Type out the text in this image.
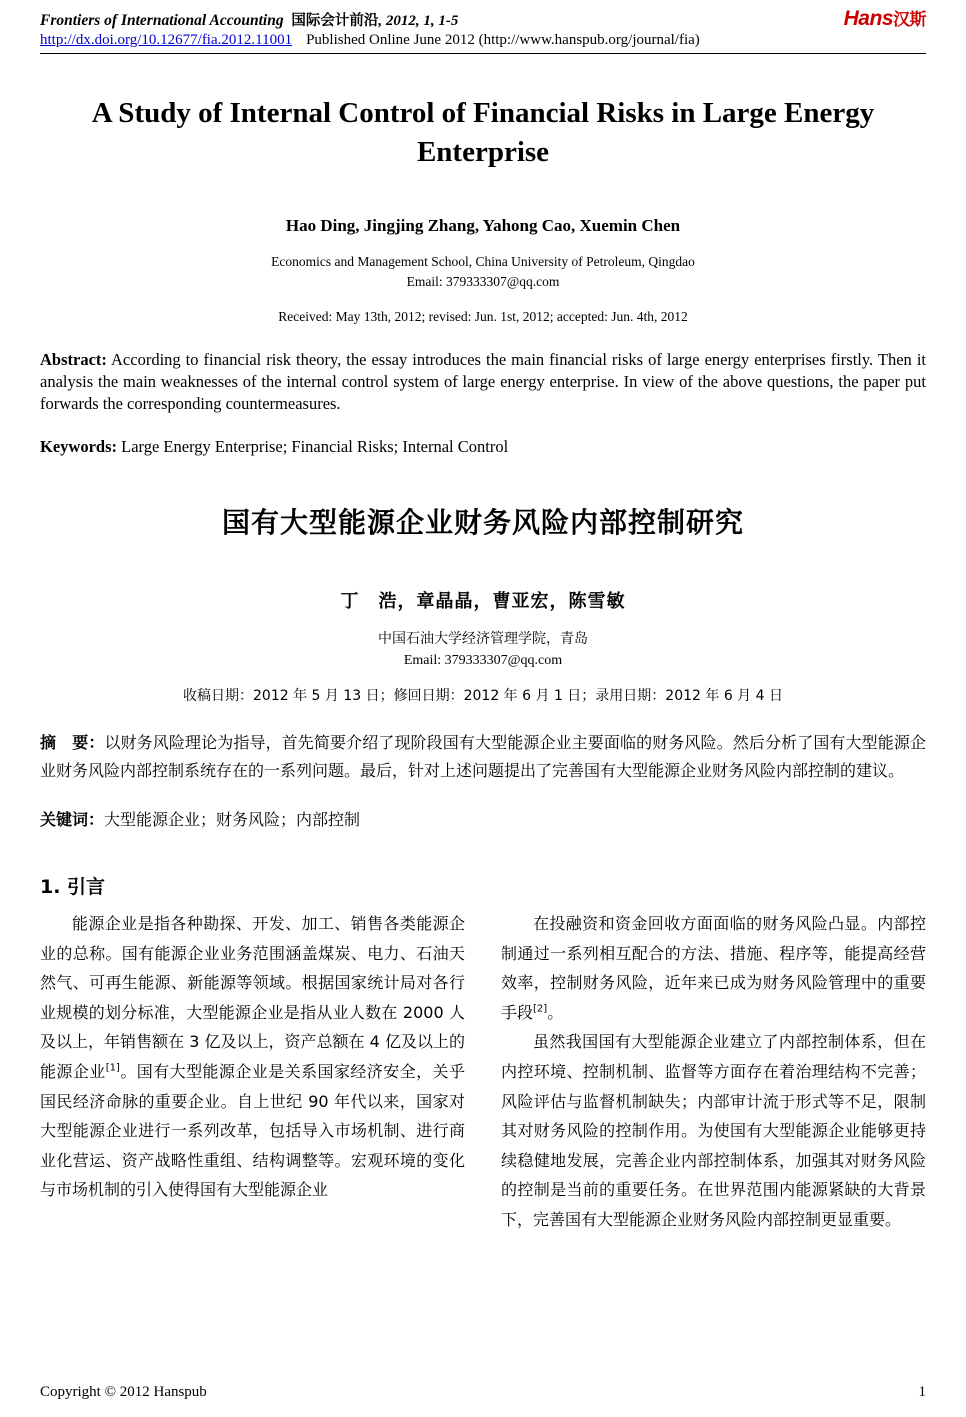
Frontiers of International Accounting 国际会计前沿, 2012, 1, 1-5	Hans汉斯
http://dx.doi.org/10.12677/fia.2012.11001 Published Online June 2012 (http://www.hanspub.org/journal/fia)
A Study of Internal Control of Financial Risks in Large Energy Enterprise
Hao Ding, Jingjing Zhang, Yahong Cao, Xuemin Chen
Economics and Management School, China University of Petroleum, Qingdao
Email: 379333307@qq.com
Received: May 13th, 2012; revised: Jun. 1st, 2012; accepted: Jun. 4th, 2012
Abstract: According to financial risk theory, the essay introduces the main financial risks of large energy enterprises firstly. Then it analysis the main weaknesses of the internal control system of large energy enterprise. In view of the above questions, the paper put forwards the corresponding countermeasures.
Keywords: Large Energy Enterprise; Financial Risks; Internal Control
国有大型能源企业财务风险内部控制研究
丁　浩，章晶晶，曹亚宏，陈雪敏
中国石油大学经济管理学院，青岛
Email: 379333307@qq.com
收稿日期：2012 年 5 月 13 日；修回日期：2012 年 6 月 1 日；录用日期：2012 年 6 月 4 日
摘　要：以财务风险理论为指导，首先简要介绍了现阶段国有大型能源企业主要面临的财务风险。然后分析了国有大型能源企业财务风险内部控制系统存在的一系列问题。最后，针对上述问题提出了完善国有大型能源企业财务风险内部控制的建议。
关键词：大型能源企业；财务风险；内部控制
1. 引言

能源企业是指各种勘探、开发、加工、销售各类能源企业的总称。国有能源企业业务范围涵盖煤炭、电力、石油天然气、可再生能源、新能源等领域。根据国家统计局对各行业规模的划分标准，大型能源企业是指从业人数在 2000 人及以上，年销售额在 3 亿及以上，资产总额在 4 亿及以上的能源企业[1]。国有大型能源企业是关系国家经济安全，关乎国民经济命脉的重要企业。自上世纪 90 年代以来，国家对大型能源企业进行一系列改革，包括导入市场机制、进行商业化营运、资产战略性重组、结构调整等。宏观环境的变化与市场机制的引入使得国有大型能源企业

在投融资和资金回收方面面临的财务风险凸显。内部控制通过一系列相互配合的方法、措施、程序等，能提高经营效率，控制财务风险，近年来已成为财务风险管理中的重要手段[2]。

虽然我国国有大型能源企业建立了内部控制体系，但在内控环境、控制机制、监督等方面存在着治理结构不完善；风险评估与监督机制缺失；内部审计流于形式等不足，限制其对财务风险的控制作用。为使国有大型能源企业能够更持续稳健地发展，完善企业内部控制体系，加强其对财务风险的控制是当前的重要任务。在世界范围内能源紧缺的大背景下，完善国有大型能源企业财务风险内部控制更显重要。

Copyright © 2012 Hanspub	1
